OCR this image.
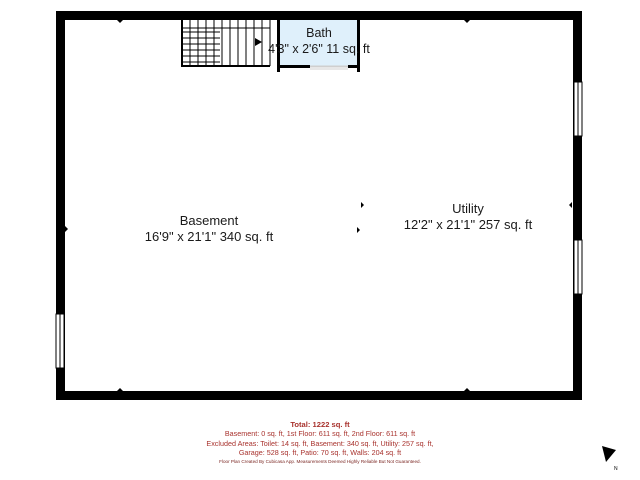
N
Bath
4'3" x 2'6" 11 sq. ft
Basement
16'9" x 21'1" 340 sq. ft
Utility
12'2" x 21'1" 257 sq. ft
Total: 1222 sq. ft
Basement: 0 sq. ft, 1st Floor: 611 sq. ft, 2nd Floor: 611 sq. ft
Excluded Areas: Toilet: 14 sq. ft, Basement: 340 sq. ft, Utility: 257 sq. ft,
Garage: 528 sq. ft, Patio: 70 sq. ft, Walls: 204 sq. ft
Floor Plan Created By Cubicasa App. Measurements Deemed Highly Reliable But Not Guaranteed.
